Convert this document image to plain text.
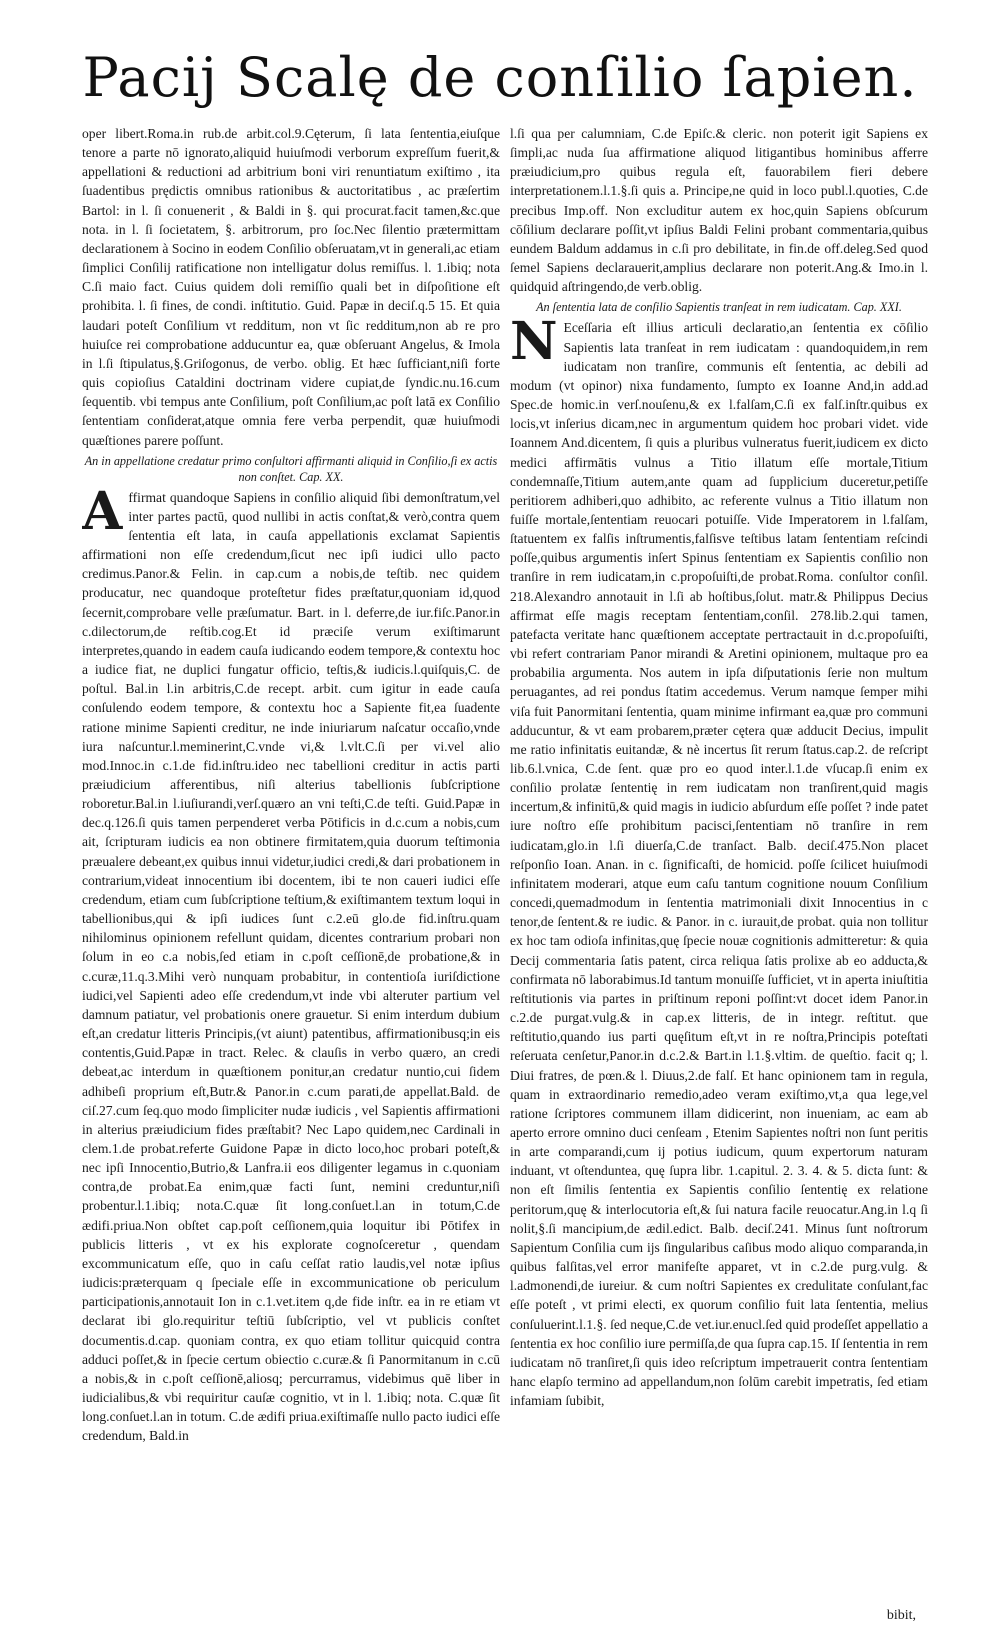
Pacij Scalę de conſilio ſapien.

oper libert.Roma.in rub.de arbit.col.9.Cęterum, ſi lata ſententia,eiuſque tenore a parte nō ignorato,aliquid huiuſmodi verborum expreſſum fuerit,& appellationi & reductioni ad arbitrium boni viri renuntiatum exiſtimo , ita ſuadentibus prędictis omnibus rationibus & auctoritatibus , ac præſertim Bartol: in l. ſi conuenerit , & Baldi in §. qui procurat.facit tamen,&c.que nota. in l. ſi ſocietatem, §. arbitrorum, pro ſoc.Nec ſilentio prætermittam declarationem à Socino in eodem Conſilio obſeruatam,vt in generali,ac etiam ſimplici Conſilij ratificatione non intelligatur dolus remiſſus. l. 1.ibiq; nota C.ſi maio fact. Cuius quidem doli remiſſio quali bet in diſpoſitione eſt prohibita. l. ſi fines, de condi. inſtitutio. Guid. Papæ in deciſ.q.5 15. Et quia laudari poteſt Conſilium vt redditum, non vt ſic redditum,non ab re pro huiuſce rei comprobatione adducuntur ea, quæ obſeruant Angelus, & Imola in l.ſi ſtipulatus,§.Griſogonus, de verbo. oblig. Et hæc ſufficiant,niſi forte quis copioſius Cataldini doctrinam videre cupiat,de ſyndic.nu.16.cum ſequentib. vbi tempus ante Conſilium, poſt Conſilium,ac poſt latā ex Conſilio ſententiam conſiderat,atque omnia fere verba perpendit, quæ huiuſmodi quæſtiones parere poſſunt.

An in appellatione credatur primo conſultori affirmanti aliquid in Conſilio,ſi ex actis non conſtet. Cap. XX.

Affirmat quandoque Sapiens in conſilio aliquid ſibi demonſtratum,vel inter partes pactū, quod nullibi in actis conſtat,& verò,contra quem ſententia eſt lata, in cauſa appellationis exclamat Sapientis affirmationi non eſſe credendum,ſicut nec ipſi iudici ullo pacto credimus.Panor.& Felin. in cap.cum a nobis,de teſtib. nec quidem producatur, nec quandoque proteſtetur fides præſtatur,quoniam id,quod ſecernit,comprobare velle præſumatur. Bart. in l. deferre,de iur.fiſc.Panor.in c.dilectorum,de reſtib.cog.Et id præciſe verum exiſtimarunt interpretes,quando in eadem cauſa iudicando eodem tempore,& contextu hoc a iudice fiat, ne duplici fungatur officio, teſtis,& iudicis.l.quiſquis,C. de poſtul. Bal.in l.in arbitris,C.de recept. arbit. cum igitur in eade cauſa conſulendo eodem tempore, & contextu hoc a Sapiente fit,ea ſuadente ratione minime Sapienti creditur, ne inde iniuriarum naſcatur occaſio,vnde iura naſcuntur.l.meminerint,C.vnde vi,& l.vlt.C.ſi per vi.vel alio mod.Innoc.in c.1.de fid.inſtru.ideo nec tabellioni creditur in actis parti præiudicium afferentibus, niſi alterius tabellionis ſubſcriptione roboretur.Bal.in l.iuſiurandi,verſ.quæro an vni teſti,C.de teſti. Guid.Papæ in dec.q.126.ſi quis tamen perpenderet verba Pōtificis in d.c.cum a nobis,cum ait, ſcripturam iudicis ea non obtinere firmitatem,quia duorum teſtimonia præualere debeant,ex quibus innui videtur,iudici credi,& dari probationem in contrarium,videat innocentium ibi docentem, ibi te non caueri iudici eſſe credendum, etiam cum ſubſcriptione teſtium,& exiſtimantem textum loqui in tabellionibus,qui & ipſi iudices ſunt c.2.eū glo.de fid.inſtru.quam nihilominus opinionem refellunt quidam, dicentes contrarium probari non ſolum in eo c.a nobis,ſed etiam in c.poſt ceſſionē,de probatione,& in c.curæ,11.q.3.Mihi verò nunquam probabitur, in contentioſa iuriſdictione iudici,vel Sapienti adeo eſſe credendum,vt inde vbi alteruter partium vel damnum patiatur, vel probationis onere grauetur. Si enim interdum dubium eſt,an credatur litteris Principis,(vt aiunt) patentibus, affirmationibusq;in eis contentis,Guid.Papæ in tract. Relec. & clauſis in verbo quæro, an credi debeat,ac interdum in quæſtionem ponitur,an credatur nuntio,cui ſidem adhibeſi proprium eſt,Butr.& Panor.in c.cum parati,de appellat.Bald. de ciſ.27.cum ſeq.quo modo ſimpliciter nudæ iudicis , vel Sapientis affirmationi in alterius præiudicium fides præſtabit? Nec Lapo quidem,nec Cardinali in clem.1.de probat.referte Guidone Papæ in dicto loco,hoc probari poteſt,& nec ipſi Innocentio,Butrio,& Lanfra.ii eos diligenter legamus in c.quoniam contra,de probat.Ea enim,quæ facti ſunt, nemini creduntur,niſi probentur.l.1.ibiq; nota.C.quæ ſit long.conſuet.l.an in totum,C.de ædifi.priua.Non obſtet cap.poſt ceſſionem,quia loquitur ibi Pōtifex in publicis litteris , vt ex his explorate cognoſceretur , quendam excommunicatum eſſe, quo in caſu ceſſat ratio laudis,vel notæ ipſius iudicis:præterquam q ſpeciale eſſe in excommunicatione ob periculum participationis,annotauit Ion in c.1.vet.item q,de fide inſtr. ea in re etiam vt declarat ibi glo.requiritur teſtiū ſubſcriptio, vel vt publicis conſtet documentis.d.cap. quoniam contra, ex quo etiam tollitur quicquid contra adduci poſſet,& in ſpecie certum obiectio c.curæ.& ſi Panormitanum in c.cū a nobis,& in c.poſt ceſſionē,aliosq; percurramus, videbimus quē liber in iudicialibus,& vbi requiritur cauſæ cognitio, vt in l. 1.ibiq; nota. C.quæ ſit long.conſuet.l.an in totum. C.de ædifi priua.exiſtimaſſe nullo pacto iudici eſſe credendum, Bald.in

l.ſi qua per calumniam, C.de Epiſc.& cleric. non poterit igit Sapiens ex ſimpli,ac nuda ſua affirmatione aliquod litigantibus hominibus afferre præiudicium,pro quibus regula eſt, fauorabilem fieri debere interpretationem.l.1.§.ſi quis a. Principe,ne quid in loco publ.l.quoties, C.de precibus Imp.off. Non excluditur autem ex hoc,quin Sapiens obſcurum cōſilium declarare poſſit,vt ipſius Baldi Felini probant commentaria,quibus eundem Baldum addamus in c.ſi pro debilitate, in fin.de off.deleg.Sed quod ſemel Sapiens declarauerit,amplius declarare non poterit.Ang.& Imo.in l. quidquid aſtringendo,de verb.oblig.

An ſententia lata de conſilio Sapientis tranſeat in rem iudicatam. Cap. XXI.

N Eceſſaria eſt illius articuli declaratio,an ſententia ex cōſilio Sapientis lata tranſeat in rem iudicatam : quandoquidem,in rem iudicatam non tranſire, communis eſt ſententia, ac debili ad modum (vt opinor) nixa fundamento, ſumpto ex Ioanne And,in add.ad Spec.de homic.in verſ.nouſenu,& ex l.falſam,C.ſi ex falſ.inſtr.quibus ex locis,vt inſerius dicam,nec in argumentum quidem hoc probari videt. vide Ioannem And.dicentem, ſi quis a pluribus vulneratus fuerit,iudicem ex dicto medici affirmātis vulnus a Titio illatum eſſe mortale,Titium condemnaſſe,Titium autem,ante quam ad ſupplicium duceretur,petiſſe peritiorem adhiberi,quo adhibito, ac referente vulnus a Titio illatum non fuiſſe mortale,ſententiam reuocari potuiſſe. Vide Imperatorem in l.falſam, ſtatuentem ex falſis inſtrumentis,falſisve teſtibus latam ſententiam reſcindi poſſe,quibus argumentis inſert Spinus ſententiam ex Sapientis conſilio non tranſire in rem iudicatam,in c.propoſuiſti,de probat.Roma. conſultor conſil. 218.Alexandro annotauit in l.ſi ab hoſtibus,ſolut. matr.& Philippus Decius affirmat eſſe magis receptam ſententiam,conſil. 278.lib.2.qui tamen, patefacta veritate hanc quæſtionem acceptate pertractauit in d.c.propoſuiſti, vbi refert contrariam Panor mirandi & Aretini opinionem, multaque pro ea probabilia argumenta. Nos autem in ipſa diſputationis ſerie non multum peruagantes, ad rei pondus ſtatim accedemus. Verum namque ſemper mihi viſa fuit Panormitani ſententia, quam minime infirmant ea,quæ pro communi adducuntur, & vt eam probarem,præter cętera quæ adducit Decius, impulit me ratio infinitatis euitandæ, & nè incertus ſit rerum ſtatus.cap.2. de reſcript lib.6.l.vnica, C.de ſent. quæ pro eo quod inter.l.1.de vſucap.ſi enim ex conſilio prolatæ ſententię in rem iudicatam non tranſirent,quid magis incertum,& infinitū,& quid magis in iudicio abſurdum eſſe poſſet ? inde patet iure noſtro eſſe prohibitum pacisci,ſententiam nō tranſire in rem iudicatam,glo.in l.ſi diuerſa,C.de tranſact. Balb. deciſ.475.Non placet reſponſio Ioan. Anan. in c. ſignificaſti, de homicid. poſſe ſcilicet huiuſmodi infinitatem moderari, atque eum caſu tantum cognitione nouum Conſilium concedi,quemadmodum in ſententia matrimoniali dixit Innocentius in c tenor,de ſentent.& re iudic. & Panor. in c. iurauit,de probat. quia non tollitur ex hoc tam odioſa infinitas,quę ſpecie nouæ cognitionis admitteretur: & quia Decij commentaria ſatis patent, circa reliqua ſatis prolixe ab eo adducta,& confirmata nō laborabimus.Id tantum monuiſſe ſufficiet, vt in aperta iniuſtitia reſtitutionis via partes in priſtinum reponi poſſint:vt docet idem Panor.in c.2.de purgat.vulg.& in cap.ex litteris, de in integr. reſtitut. que reſtitutio,quando ius parti quęſitum eſt,vt in re noſtra,Principis poteſtati reſeruata cenſetur,Panor.in d.c.2.& Bart.in l.1.§.vltim. de queſtio. facit q; l. Diui fratres, de pœn.& l. Diuus,2.de falſ. Et hanc opinionem tam in regula, quam in extraordinario remedio,adeo veram exiſtimo,vt,a qua lege,vel ratione ſcriptores communem illam didicerint, non inueniam, ac eam ab aperto errore omnino duci cenſeam , Etenim Sapientes noſtri non ſunt peritis in arte comparandi,cum ij potius iudicum, quum expertorum naturam induant, vt oſtenduntea, quę ſupra libr. 1.capitul. 2. 3. 4. & 5. dicta ſunt: & non eſt ſimilis ſententia ex Sapientis conſilio ſententię ex relatione peritorum,quę & interlocutoria eſt,& ſui natura facile reuocatur.Ang.in l.q ſi nolit,§.ſi mancipium,de ædil.edict. Balb. deciſ.241. Minus ſunt noſtrorum Sapientum Conſilia cum ijs ſingularibus caſibus modo aliquo comparanda,in quibus falſitas,vel error manifeſte apparet, vt in c.2.de purg.vulg. & l.admonendi,de iureiur. & cum noſtri Sapientes ex credulitate conſulant,fac eſſe poteſt , vt primi electi, ex quorum conſilio fuit lata ſententia, melius conſuluerint.l.1.§. ſed neque,C.de vet.iur.enucl.ſed quid prodeſſet appellatio a ſententia ex hoc conſilio iure permiſſa,de qua ſupra cap.15. Iſ ſententia in rem iudicatam nō tranſiret,ſi quis ideo reſcriptum impetrauerit contra ſententiam hanc elapſo termino ad appellandum,non ſolūm carebit impetratis, ſed etiam infamiam ſubibit,

bibit,
